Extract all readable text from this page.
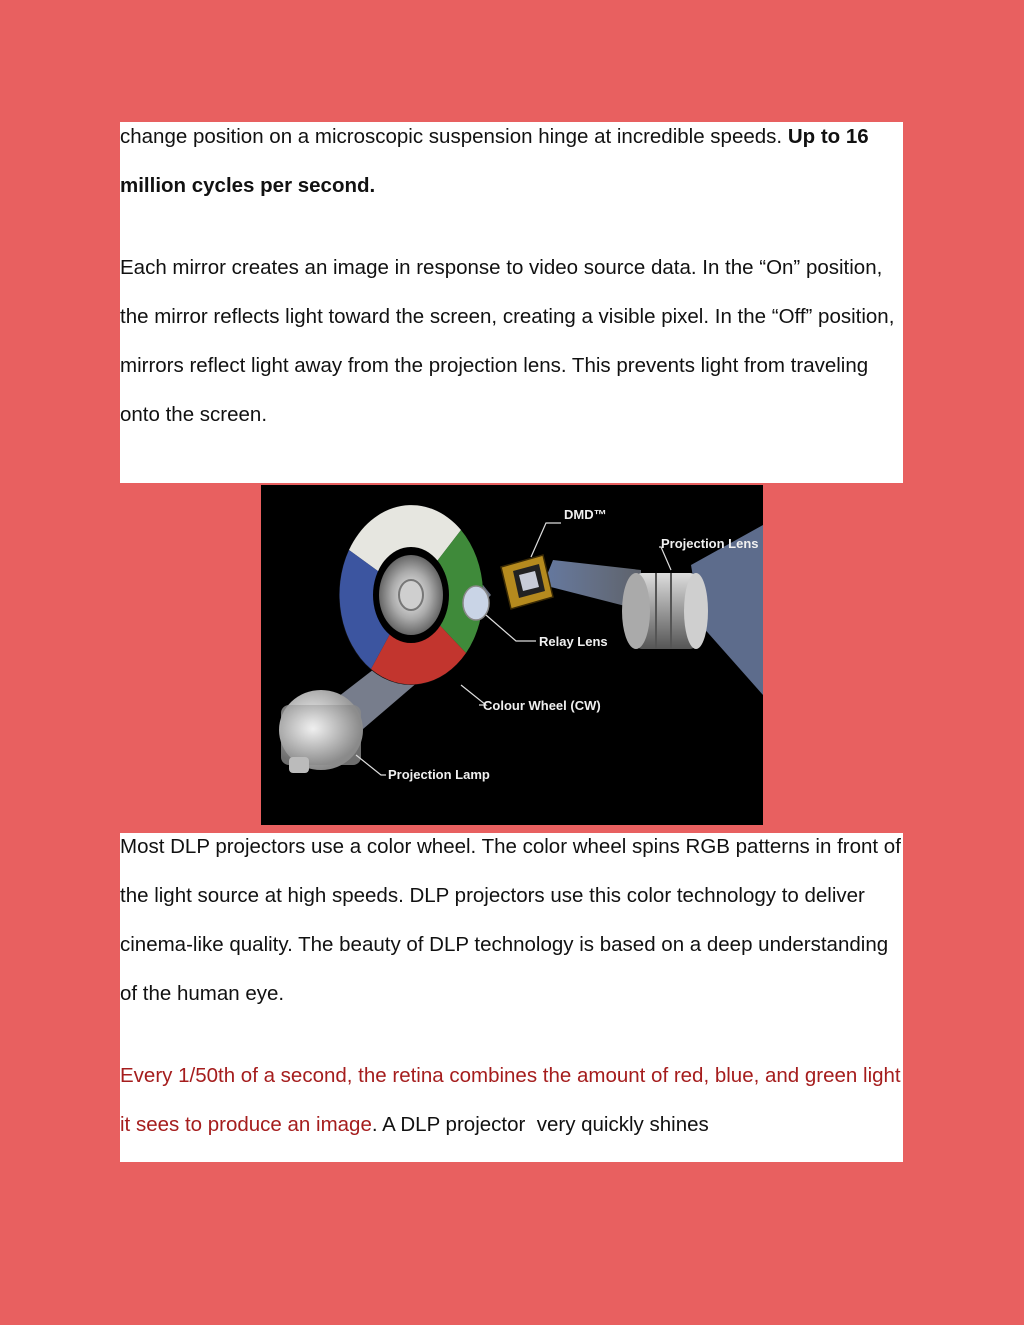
change position on a microscopic suspension hinge at incredible speeds. Up to 16 million cycles per second.

Each mirror creates an image in response to video source data. In the “On” position, the mirror reflects light toward the screen, creating a visible pixel. In the “Off” position, mirrors reflect light away from the projection lens. This prevents light from traveling onto the screen.

DMD™
Projection Lens
Relay Lens
Colour Wheel (CW)
Projection Lamp

Most DLP projectors use a color wheel. The color wheel spins RGB patterns in front of the light source at high speeds. DLP projectors use this color technology to deliver cinema-like quality. The beauty of DLP technology is based on a deep understanding of the human eye.

Every 1/50th of a second, the retina combines the amount of red, blue, and green light it sees to produce an image. A DLP projector  very quickly shines
